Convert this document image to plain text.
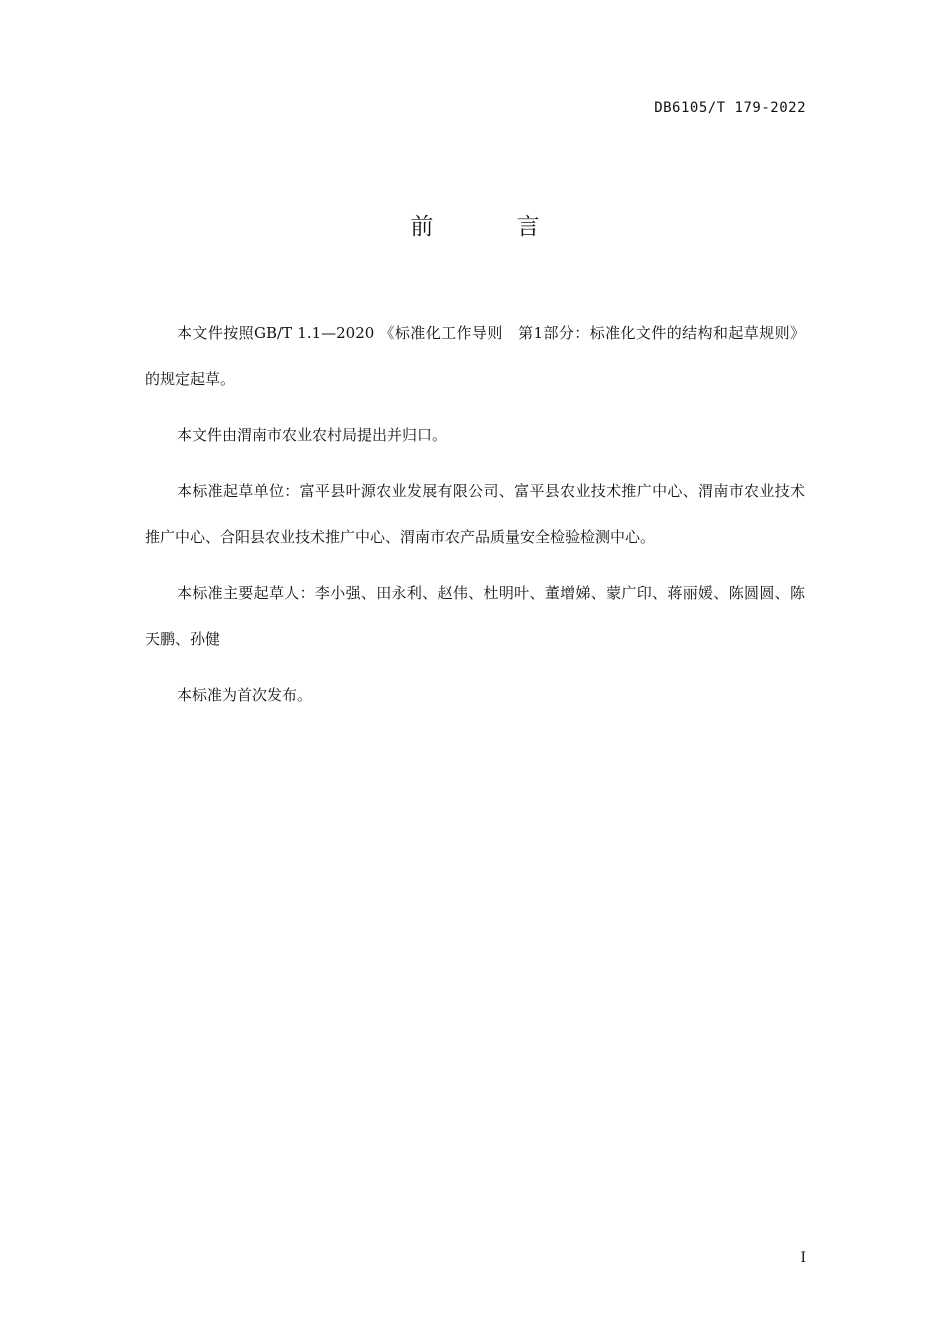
DB6105/T 179-2022
前 言

本文件按照GB/T 1.1—2020 《标准化工作导则　第1部分：标准化文件的结构和起草规则》的规定起草。

本文件由渭南市农业农村局提出并归口。

本标准起草单位：富平县叶源农业发展有限公司、富平县农业技术推广中心、渭南市农业技术推广中心、合阳县农业技术推广中心、渭南市农产品质量安全检验检测中心。

本标准主要起草人：李小强、田永利、赵伟、杜明叶、董增娣、蒙广印、蒋丽媛、陈圆圆、陈天鹏、孙健

本标准为首次发布。

I
